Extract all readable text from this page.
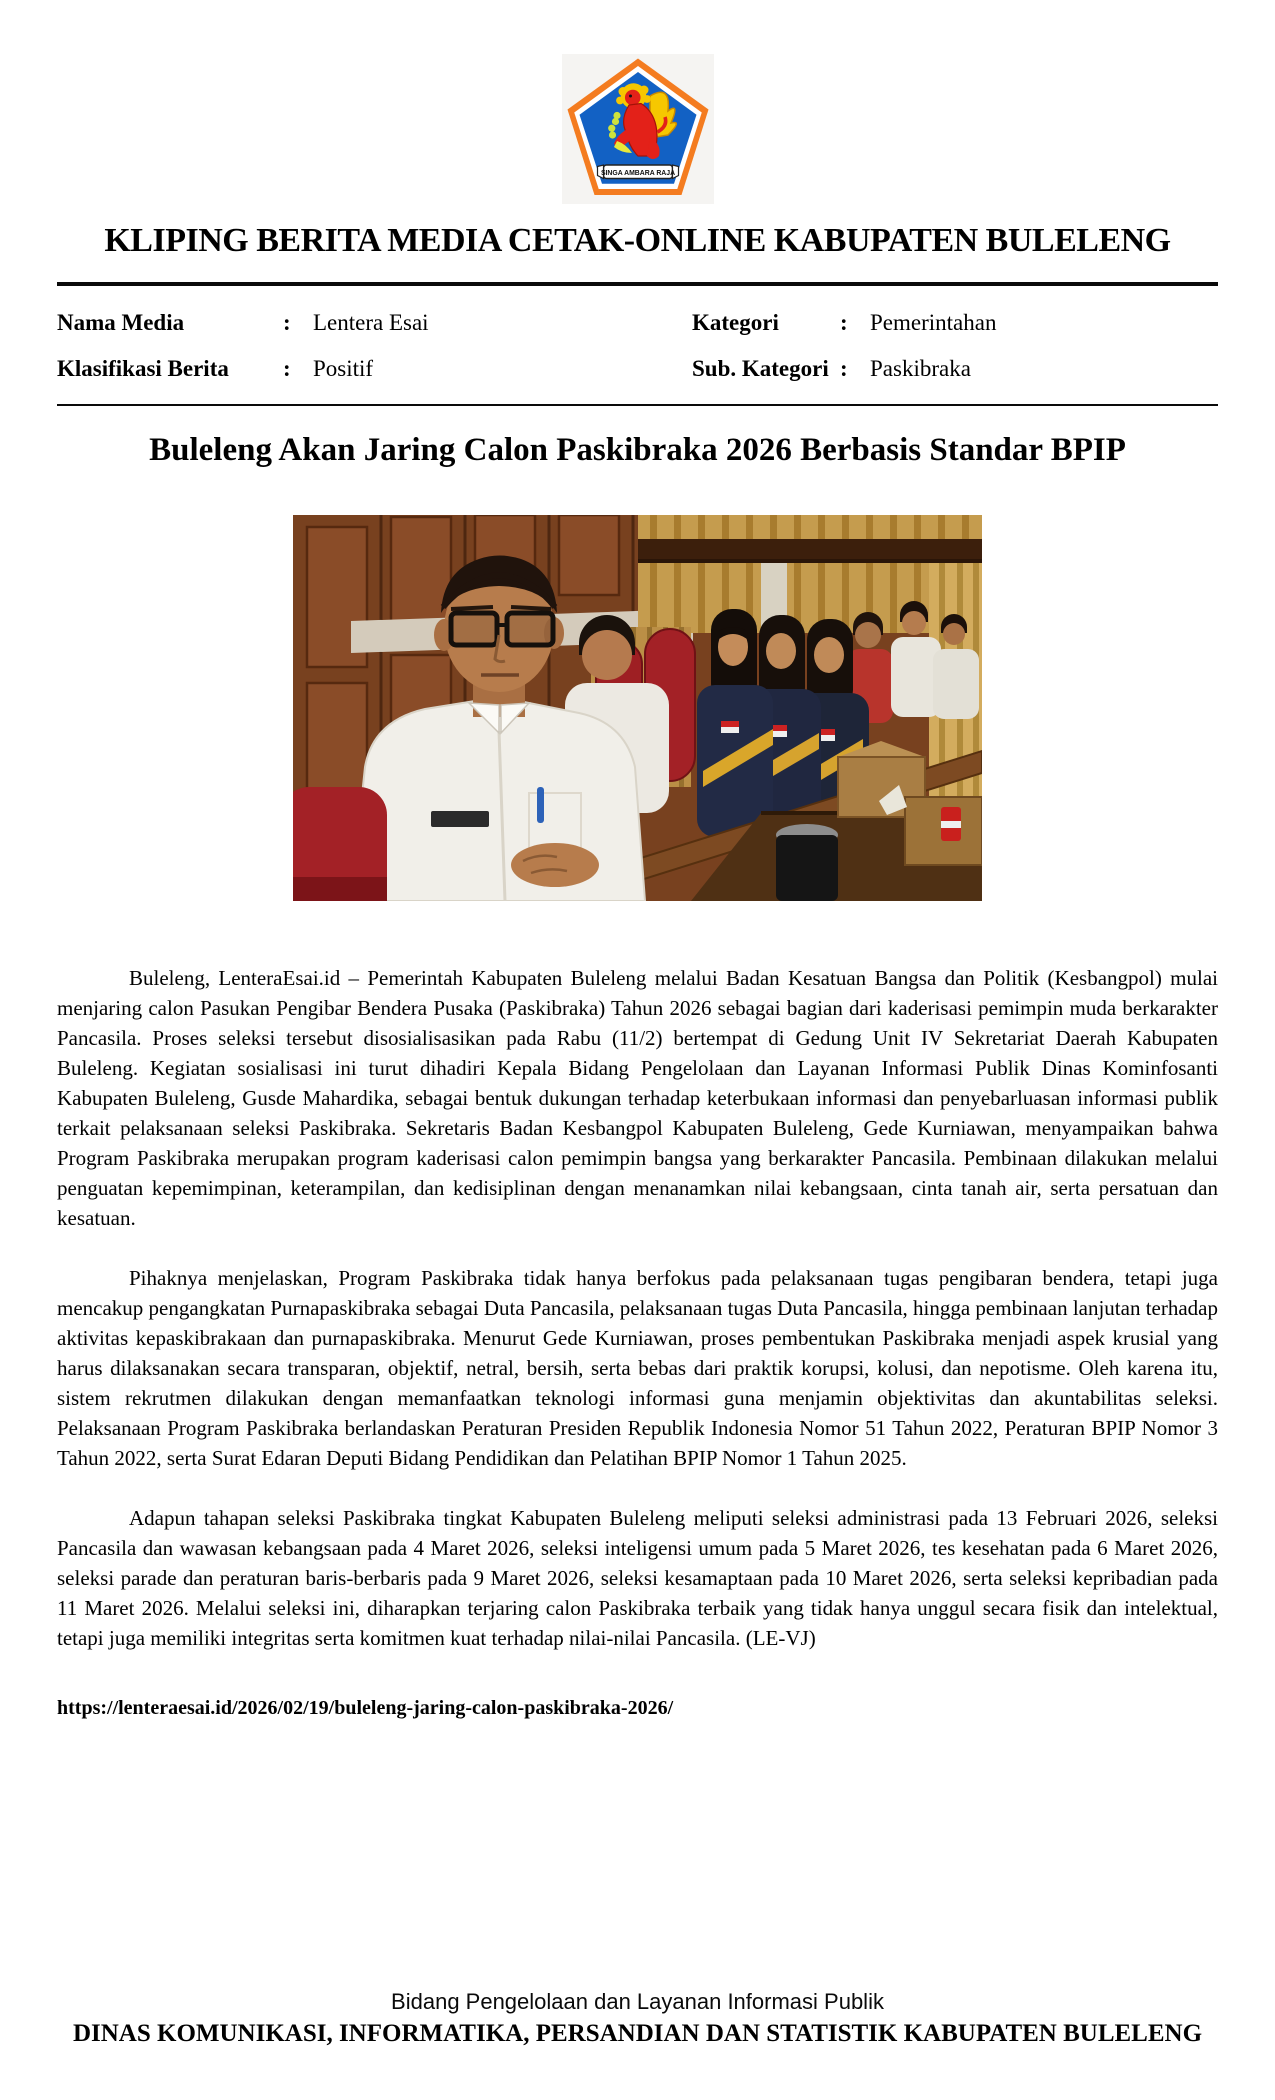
SINGA AMBARA RAJA
KLIPING BERITA MEDIA CETAK-ONLINE KABUPATEN BULELENG
Nama Media	: Lentera Esai
Klasifikasi Berita	: Positif
Kategori	: Pemerintahan
Sub. Kategori : Paskibraka
Buleleng Akan Jaring Calon Paskibraka 2026 Berbasis Standar BPIP

Buleleng, LenteraEsai.id – Pemerintah Kabupaten Buleleng melalui Badan Kesatuan Bangsa dan Politik (Kesbangpol) mulai menjaring calon Pasukan Pengibar Bendera Pusaka (Paskibraka) Tahun 2026 sebagai bagian dari kaderisasi pemimpin muda berkarakter Pancasila. Proses seleksi tersebut disosialisasikan pada Rabu (11/2) bertempat di Gedung Unit IV Sekretariat Daerah Kabupaten Buleleng. Kegiatan sosialisasi ini turut dihadiri Kepala Bidang Pengelolaan dan Layanan Informasi Publik Dinas Kominfosanti Kabupaten Buleleng, Gusde Mahardika, sebagai bentuk dukungan terhadap keterbukaan informasi dan penyebarluasan informasi publik terkait pelaksanaan seleksi Paskibraka. Sekretaris Badan Kesbangpol Kabupaten Buleleng, Gede Kurniawan, menyampaikan bahwa Program Paskibraka merupakan program kaderisasi calon pemimpin bangsa yang berkarakter Pancasila. Pembinaan dilakukan melalui penguatan kepemimpinan, keterampilan, dan kedisiplinan dengan menanamkan nilai kebangsaan, cinta tanah air, serta persatuan dan kesatuan.

Pihaknya menjelaskan, Program Paskibraka tidak hanya berfokus pada pelaksanaan tugas pengibaran bendera, tetapi juga mencakup pengangkatan Purnapaskibraka sebagai Duta Pancasila, pelaksanaan tugas Duta Pancasila, hingga pembinaan lanjutan terhadap aktivitas kepaskibrakaan dan purnapaskibraka. Menurut Gede Kurniawan, proses pembentukan Paskibraka menjadi aspek krusial yang harus dilaksanakan secara transparan, objektif, netral, bersih, serta bebas dari praktik korupsi, kolusi, dan nepotisme. Oleh karena itu, sistem rekrutmen dilakukan dengan memanfaatkan teknologi informasi guna menjamin objektivitas dan akuntabilitas seleksi. Pelaksanaan Program Paskibraka berlandaskan Peraturan Presiden Republik Indonesia Nomor 51 Tahun 2022, Peraturan BPIP Nomor 3 Tahun 2022, serta Surat Edaran Deputi Bidang Pendidikan dan Pelatihan BPIP Nomor 1 Tahun 2025.

Adapun tahapan seleksi Paskibraka tingkat Kabupaten Buleleng meliputi seleksi administrasi pada 13 Februari 2026, seleksi Pancasila dan wawasan kebangsaan pada 4 Maret 2026, seleksi inteligensi umum pada 5 Maret 2026, tes kesehatan pada 6 Maret 2026, seleksi parade dan peraturan baris-berbaris pada 9 Maret 2026, seleksi kesamaptaan pada 10 Maret 2026, serta seleksi kepribadian pada 11 Maret 2026. Melalui seleksi ini, diharapkan terjaring calon Paskibraka terbaik yang tidak hanya unggul secara fisik dan intelektual, tetapi juga memiliki integritas serta komitmen kuat terhadap nilai-nilai Pancasila. (LE-VJ)

https://lenteraesai.id/2026/02/19/buleleng-jaring-calon-paskibraka-2026/
Bidang Pengelolaan dan Layanan Informasi Publik
DINAS KOMUNIKASI, INFORMATIKA, PERSANDIAN DAN STATISTIK KABUPATEN BULELENG
